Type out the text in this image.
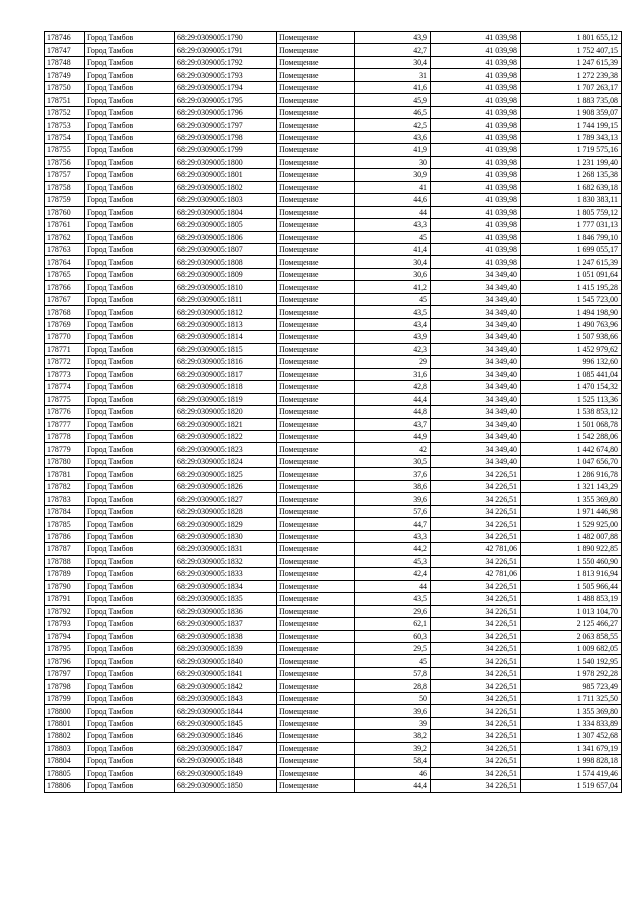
178746	Город Тамбов	68:29:0309005:1790	Помещение	43,9	41 039,98	1 801 655,12
178747	Город Тамбов	68:29:0309005:1791	Помещение	42,7	41 039,98	1 752 407,15
178748	Город Тамбов	68:29:0309005:1792	Помещение	30,4	41 039,98	1 247 615,39
178749	Город Тамбов	68:29:0309005:1793	Помещение	31	41 039,98	1 272 239,38
178750	Город Тамбов	68:29:0309005:1794	Помещение	41,6	41 039,98	1 707 263,17
178751	Город Тамбов	68:29:0309005:1795	Помещение	45,9	41 039,98	1 883 735,08
178752	Город Тамбов	68:29:0309005:1796	Помещение	46,5	41 039,98	1 908 359,07
178753	Город Тамбов	68:29:0309005:1797	Помещение	42,5	41 039,98	1 744 199,15
178754	Город Тамбов	68:29:0309005:1798	Помещение	43,6	41 039,98	1 789 343,13
178755	Город Тамбов	68:29:0309005:1799	Помещение	41,9	41 039,98	1 719 575,16
178756	Город Тамбов	68:29:0309005:1800	Помещение	30	41 039,98	1 231 199,40
178757	Город Тамбов	68:29:0309005:1801	Помещение	30,9	41 039,98	1 268 135,38
178758	Город Тамбов	68:29:0309005:1802	Помещение	41	41 039,98	1 682 639,18
178759	Город Тамбов	68:29:0309005:1803	Помещение	44,6	41 039,98	1 830 383,11
178760	Город Тамбов	68:29:0309005:1804	Помещение	44	41 039,98	1 805 759,12
178761	Город Тамбов	68:29:0309005:1805	Помещение	43,3	41 039,98	1 777 031,13
178762	Город Тамбов	68:29:0309005:1806	Помещение	45	41 039,98	1 846 799,10
178763	Город Тамбов	68:29:0309005:1807	Помещение	41,4	41 039,98	1 699 055,17
178764	Город Тамбов	68:29:0309005:1808	Помещение	30,4	41 039,98	1 247 615,39
178765	Город Тамбов	68:29:0309005:1809	Помещение	30,6	34 349,40	1 051 091,64
178766	Город Тамбов	68:29:0309005:1810	Помещение	41,2	34 349,40	1 415 195,28
178767	Город Тамбов	68:29:0309005:1811	Помещение	45	34 349,40	1 545 723,00
178768	Город Тамбов	68:29:0309005:1812	Помещение	43,5	34 349,40	1 494 198,90
178769	Город Тамбов	68:29:0309005:1813	Помещение	43,4	34 349,40	1 490 763,96
178770	Город Тамбов	68:29:0309005:1814	Помещение	43,9	34 349,40	1 507 938,66
178771	Город Тамбов	68:29:0309005:1815	Помещение	42,3	34 349,40	1 452 979,62
178772	Город Тамбов	68:29:0309005:1816	Помещение	29	34 349,40	996 132,60
178773	Город Тамбов	68:29:0309005:1817	Помещение	31,6	34 349,40	1 085 441,04
178774	Город Тамбов	68:29:0309005:1818	Помещение	42,8	34 349,40	1 470 154,32
178775	Город Тамбов	68:29:0309005:1819	Помещение	44,4	34 349,40	1 525 113,36
178776	Город Тамбов	68:29:0309005:1820	Помещение	44,8	34 349,40	1 538 853,12
178777	Город Тамбов	68:29:0309005:1821	Помещение	43,7	34 349,40	1 501 068,78
178778	Город Тамбов	68:29:0309005:1822	Помещение	44,9	34 349,40	1 542 288,06
178779	Город Тамбов	68:29:0309005:1823	Помещение	42	34 349,40	1 442 674,80
178780	Город Тамбов	68:29:0309005:1824	Помещение	30,5	34 349,40	1 047 656,70
178781	Город Тамбов	68:29:0309005:1825	Помещение	37,6	34 226,51	1 286 916,78
178782	Город Тамбов	68:29:0309005:1826	Помещение	38,6	34 226,51	1 321 143,29
178783	Город Тамбов	68:29:0309005:1827	Помещение	39,6	34 226,51	1 355 369,80
178784	Город Тамбов	68:29:0309005:1828	Помещение	57,6	34 226,51	1 971 446,98
178785	Город Тамбов	68:29:0309005:1829	Помещение	44,7	34 226,51	1 529 925,00
178786	Город Тамбов	68:29:0309005:1830	Помещение	43,3	34 226,51	1 482 007,88
178787	Город Тамбов	68:29:0309005:1831	Помещение	44,2	42 781,06	1 890 922,85
178788	Город Тамбов	68:29:0309005:1832	Помещение	45,3	34 226,51	1 550 460,90
178789	Город Тамбов	68:29:0309005:1833	Помещение	42,4	42 781,06	1 813 916,94
178790	Город Тамбов	68:29:0309005:1834	Помещение	44	34 226,51	1 505 966,44
178791	Город Тамбов	68:29:0309005:1835	Помещение	43,5	34 226,51	1 488 853,19
178792	Город Тамбов	68:29:0309005:1836	Помещение	29,6	34 226,51	1 013 104,70
178793	Город Тамбов	68:29:0309005:1837	Помещение	62,1	34 226,51	2 125 466,27
178794	Город Тамбов	68:29:0309005:1838	Помещение	60,3	34 226,51	2 063 858,55
178795	Город Тамбов	68:29:0309005:1839	Помещение	29,5	34 226,51	1 009 682,05
178796	Город Тамбов	68:29:0309005:1840	Помещение	45	34 226,51	1 540 192,95
178797	Город Тамбов	68:29:0309005:1841	Помещение	57,8	34 226,51	1 978 292,28
178798	Город Тамбов	68:29:0309005:1842	Помещение	28,8	34 226,51	985 723,49
178799	Город Тамбов	68:29:0309005:1843	Помещение	50	34 226,51	1 711 325,50
178800	Город Тамбов	68:29:0309005:1844	Помещение	39,6	34 226,51	1 355 369,80
178801	Город Тамбов	68:29:0309005:1845	Помещение	39	34 226,51	1 334 833,89
178802	Город Тамбов	68:29:0309005:1846	Помещение	38,2	34 226,51	1 307 452,68
178803	Город Тамбов	68:29:0309005:1847	Помещение	39,2	34 226,51	1 341 679,19
178804	Город Тамбов	68:29:0309005:1848	Помещение	58,4	34 226,51	1 998 828,18
178805	Город Тамбов	68:29:0309005:1849	Помещение	46	34 226,51	1 574 419,46
178806	Город Тамбов	68:29:0309005:1850	Помещение	44,4	34 226,51	1 519 657,04
